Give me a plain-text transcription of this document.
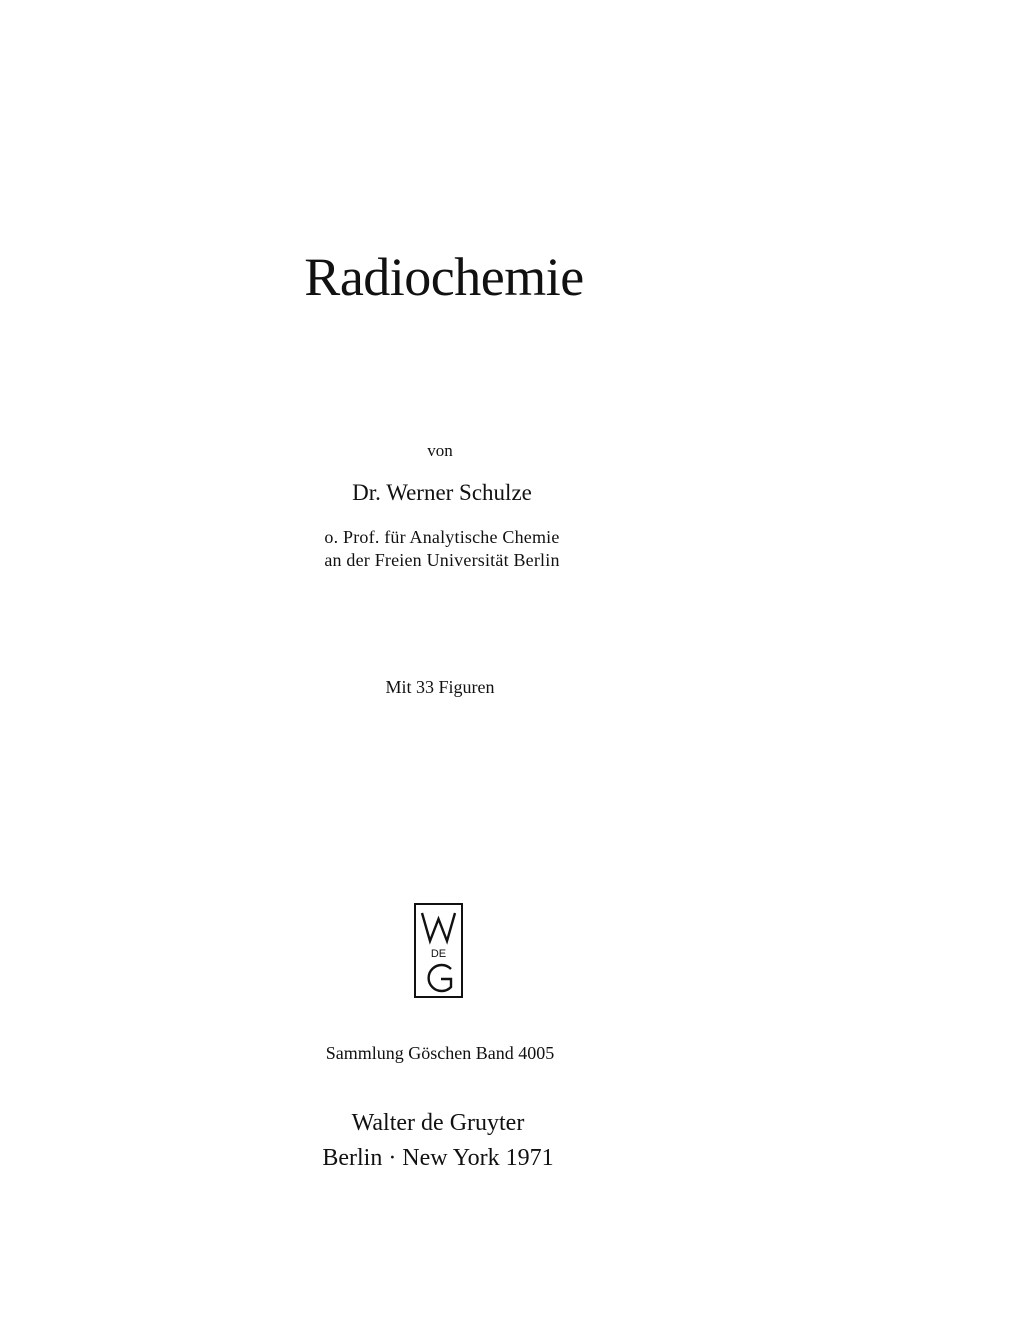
Radiochemie
von
Dr. Werner Schulze
o. Prof. für Analytische Chemie
an der Freien Universität Berlin
Mit 33 Figuren
DE
Sammlung Göschen Band 4005
Walter de Gruyter
Berlin · New York 1971
